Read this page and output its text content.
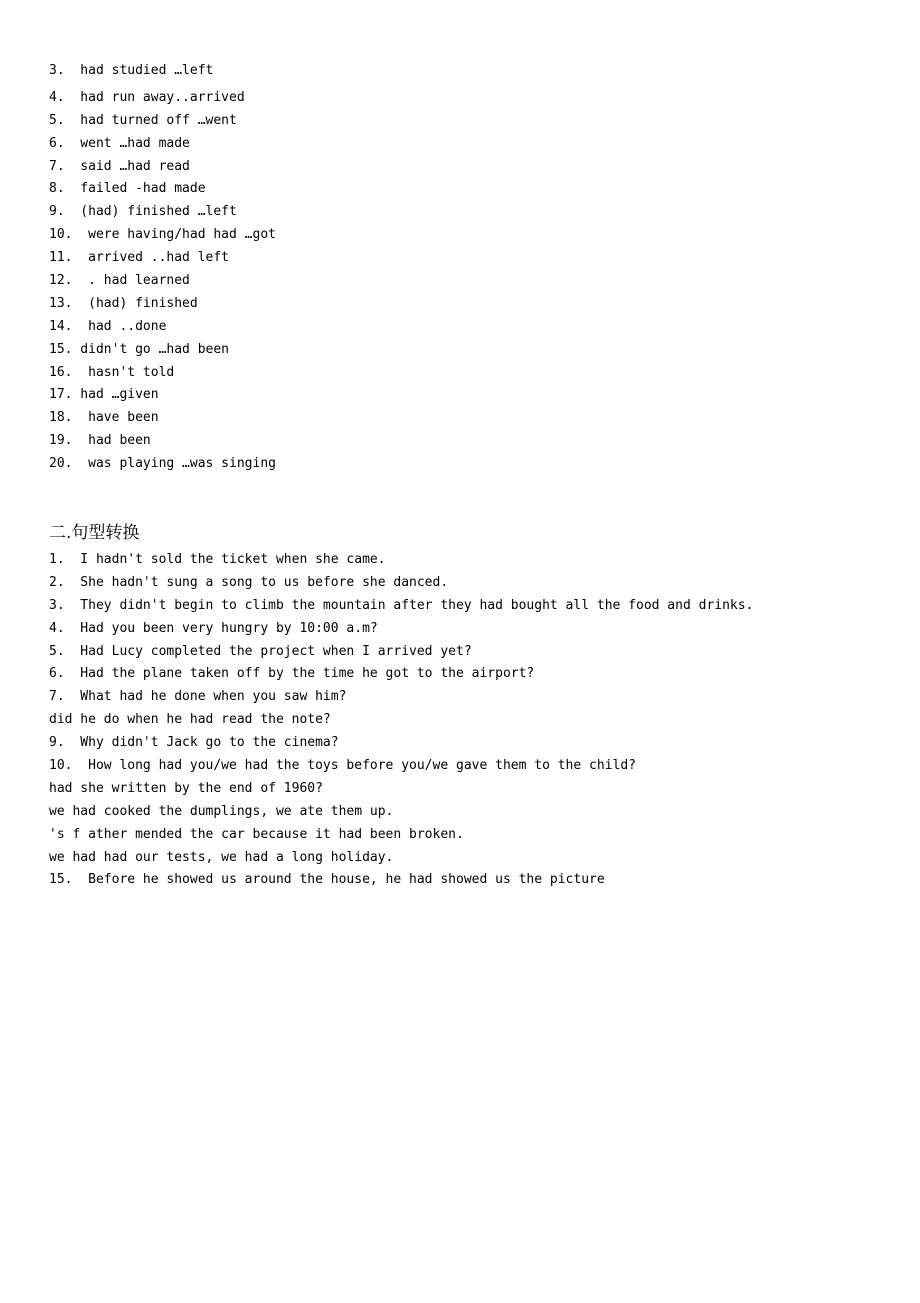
3.  had studied …left
4.  had run away..arrived
5.  had turned off …went
6.  went …had made
7.  said …had read
8.  failed -had made
9.  (had) finished …left
10.  were having/had had …got
11.  arrived ..had left
12.  . had learned
13.  (had) finished
14.  had ..done
15. didn't go …had been
16.  hasn't told
17. had …given
18.  have been
19.  had been
20.  was playing …was singing
二.句型转换
1.  I hadn't sold the ticket when she came.
2.  She hadn't sung a song to us before she danced.
3.  They didn't begin to climb the mountain after they had bought all the food and drinks.
4.  Had you been very hungry by 10:00 a.m?
5.  Had Lucy completed the project when I arrived yet?
6.  Had the plane taken off by the time he got to the airport?
7.  What had he done when you saw him?
did he do when he had read the note?
9.  Why didn't Jack go to the cinema?
10.  How long had you/we had the toys before you/we gave them to the child?
had she written by the end of 1960?
we had cooked the dumplings, we ate them up.
's f ather mended the car because it had been broken.
we had had our tests, we had a long holiday.
15.  Before he showed us around the house, he had showed us the picture
